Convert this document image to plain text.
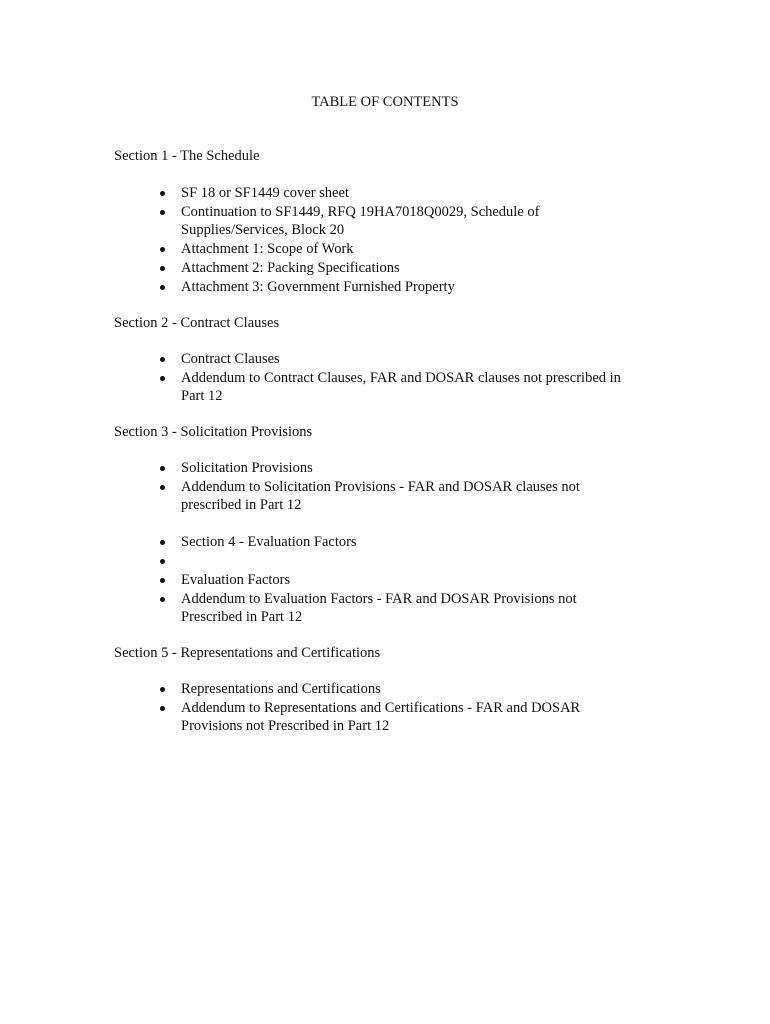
TABLE OF CONTENTS
Section 1 - The Schedule
SF 18 or SF1449 cover sheet
Continuation to SF1449, RFQ 19HA7018Q0029, Schedule of Supplies/Services, Block 20
Attachment 1: Scope of Work
Attachment 2: Packing Specifications
Attachment 3: Government Furnished Property
Section 2 - Contract Clauses
Contract Clauses
Addendum to Contract Clauses, FAR and DOSAR clauses not prescribed in Part 12
Section 3 - Solicitation Provisions
Solicitation Provisions
Addendum to Solicitation Provisions - FAR and DOSAR clauses not prescribed in Part 12
Section 4 - Evaluation Factors
Evaluation Factors
Addendum to Evaluation Factors - FAR and DOSAR Provisions not Prescribed in Part 12
Section 5 - Representations and Certifications
Representations and Certifications
Addendum to Representations and Certifications - FAR and DOSAR Provisions not Prescribed in Part 12
